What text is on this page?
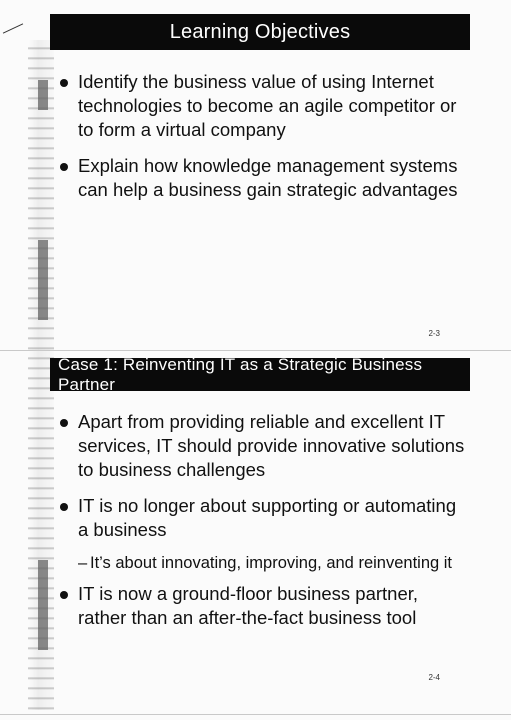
Learning Objectives
Identify the business value of using Internet technologies to become an agile competitor or to form a virtual company
Explain how knowledge management systems can help a business gain strategic advantages
2-3
Case 1: Reinventing IT as a Strategic Business Partner
Apart from providing reliable and excellent IT services, IT should provide innovative solutions to business challenges
IT is no longer about supporting or automating a business
– It’s about innovating, improving, and reinventing it
IT is now a ground-floor business partner, rather than an after-the-fact business tool
2-4
